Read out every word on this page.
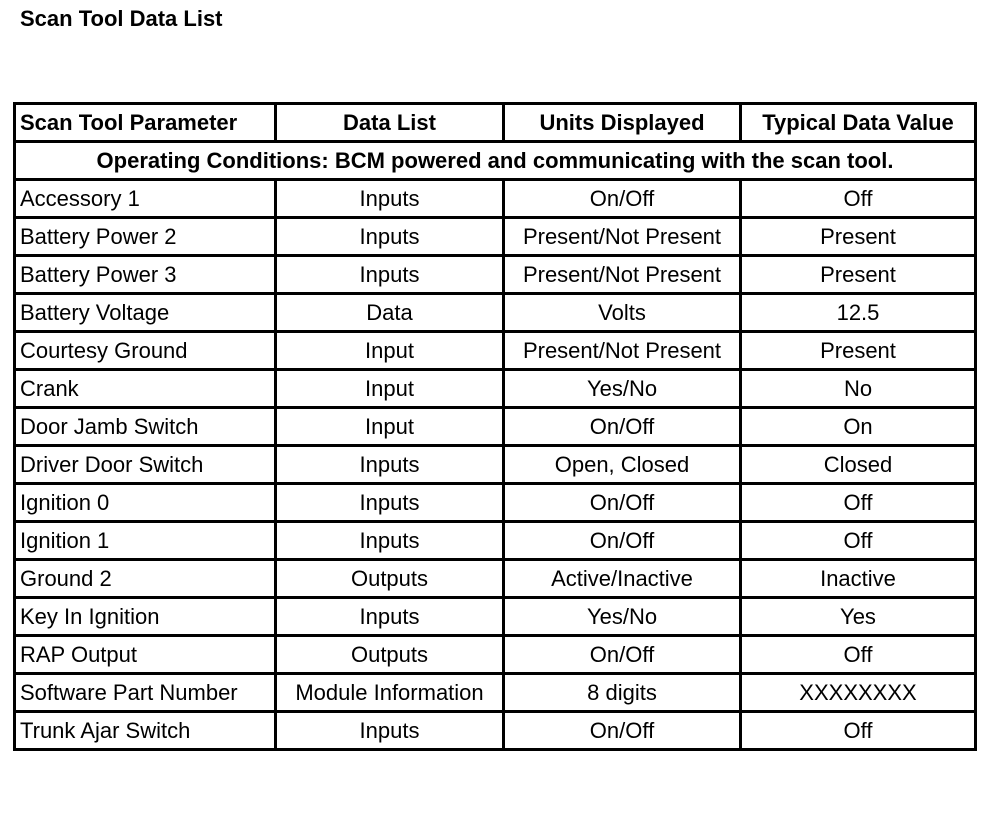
Scan Tool Data List
Scan Tool Parameter	Data List	Units Displayed	Typical Data Value
Operating Conditions: BCM powered and communicating with the scan tool.			
Accessory 1	Inputs	On/Off	Off
Battery Power 2	Inputs	Present/Not Present	Present
Battery Power 3	Inputs	Present/Not Present	Present
Battery Voltage	Data	Volts	12.5
Courtesy Ground	Input	Present/Not Present	Present
Crank	Input	Yes/No	No
Door Jamb Switch	Input	On/Off	On
Driver Door Switch	Inputs	Open, Closed	Closed
Ignition 0	Inputs	On/Off	Off
Ignition 1	Inputs	On/Off	Off
Ground 2	Outputs	Active/Inactive	Inactive
Key In Ignition	Inputs	Yes/No	Yes
RAP Output	Outputs	On/Off	Off
Software Part Number	Module Information	8 digits	XXXXXXXX
Trunk Ajar Switch	Inputs	On/Off	Off
